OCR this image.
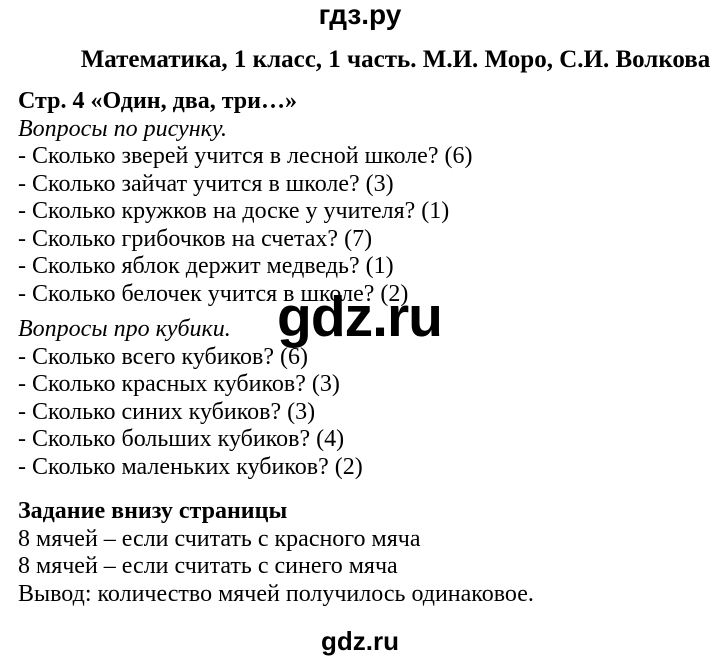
гдз.ру
Математика, 1 класс, 1 часть. М.И. Моро, С.И. Волкова
Стр. 4 «Один, два, три…»
Вопросы по рисунку.
- Сколько зверей учится в лесной школе? (6)
- Сколько зайчат учится в школе? (3)
- Сколько кружков на доске у учителя? (1)
- Сколько грибочков на счетах? (7)
- Сколько яблок держит медведь? (1)
- Сколько белочек учится в школе? (2)
Вопросы про кубики.
- Сколько всего кубиков? (6)
- Сколько красных кубиков? (3)
- Сколько синих кубиков? (3)
- Сколько больших кубиков? (4)
- Сколько маленьких кубиков? (2)
Задание внизу страницы
8 мячей – если считать с красного мяча
8 мячей – если считать с синего мяча
Вывод: количество мячей получилось одинаковое.
gdz.ru
gdz.ru
